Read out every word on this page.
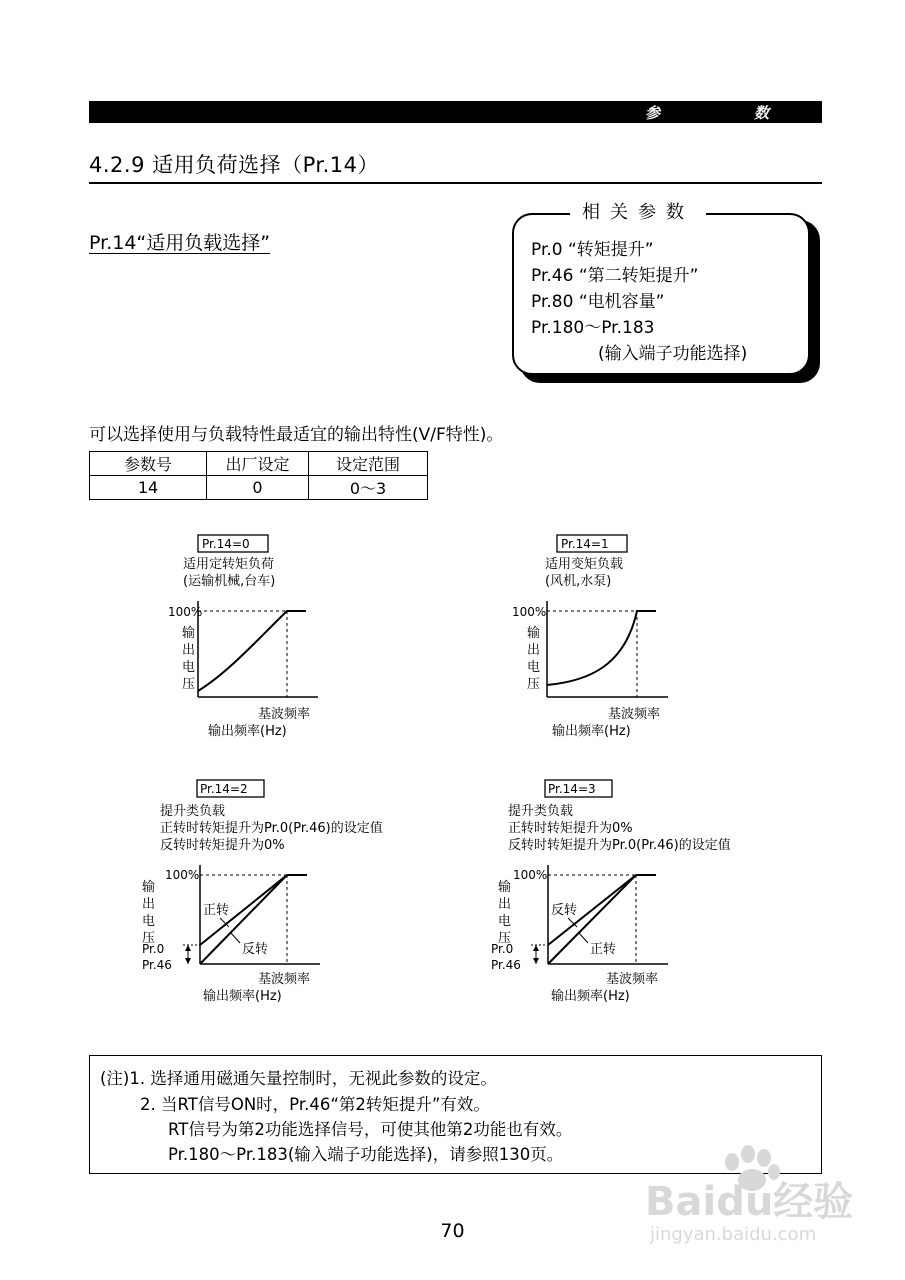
参	数
4.2.9 适用负荷选择（Pr.14）
Pr.14“适用负载选择”
相关参数
Pr.0 “转矩提升”
Pr.46 “第二转矩提升”
Pr.80 “电机容量”
Pr.180～Pr.183
(输入端子功能选择)
可以选择使用与负载特性最适宜的输出特性(V/F特性)。
参数号	出厂设定	设定范围
14	0	0～3
Pr.14=0
适用定转矩负荷
(运输机械,台车)
100%
输出电压
基波频率
输出频率(Hz)
Pr.14=1
适用变矩负载
(风机,水泵)
100%
输出电压
基波频率
输出频率(Hz)
Pr.14=2
提升类负载
正转时转矩提升为Pr.0(Pr.46)的设定值
反转时转矩提升为0%
100%
输出电压
Pr.0
Pr.46
正转
反转
基波频率
输出频率(Hz)
Pr.14=3
提升类负载
正转时转矩提升为0%
反转时转矩提升为Pr.0(Pr.46)的设定值
100%
输出电压
Pr.0
Pr.46
反转
正转
基波频率
输出频率(Hz)
(注)1. 选择通用磁通矢量控制时，无视此参数的设定。
2. 当RT信号ON时，Pr.46“第2转矩提升”有效。
RT信号为第2功能选择信号，可使其他第2功能也有效。
Pr.180～Pr.183(输入端子功能选择)，请参照130页。
70
Baidu经验
jingyan.baidu.com
